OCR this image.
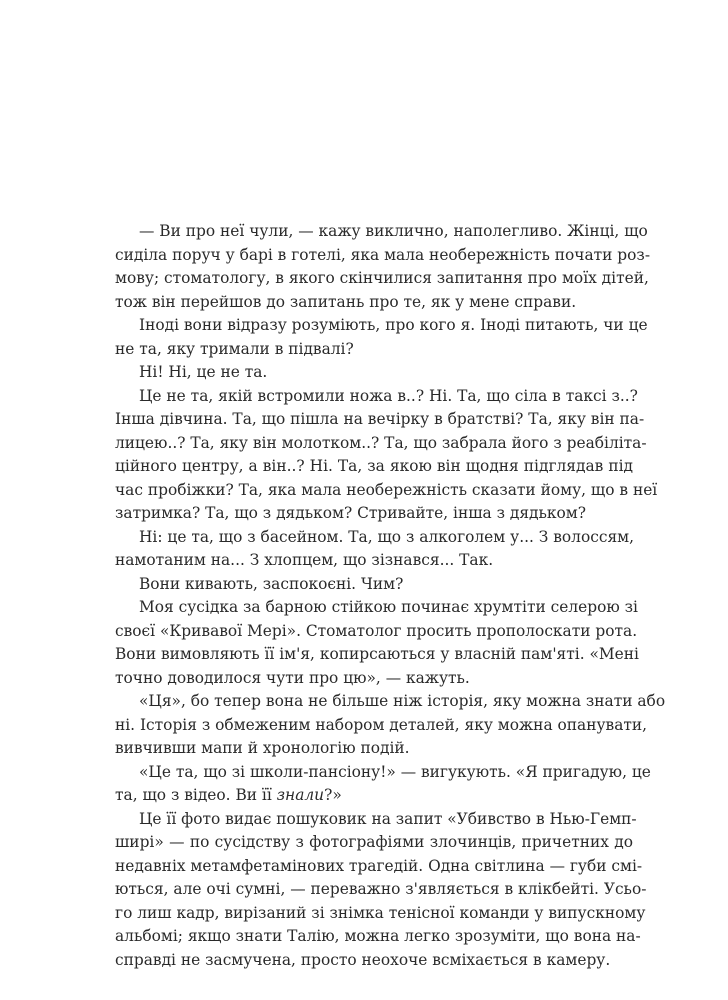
— Ви про неї чули, — кажу виклично, наполегливо. Жінці, що
сиділа поруч у барі в готелі, яка мала необережність почати роз-
мову; стоматологу, в якого скінчилися запитання про моїх дітей,
тож він перейшов до запитань про те, як у мене справи.
Іноді вони відразу розуміють, про кого я. Іноді питають, чи це
не та, яку тримали в підвалі?
Ні! Ні, це не та.
Це не та, якій встромили ножа в..? Ні. Та, що сіла в таксі з..?
Інша дівчина. Та, що пішла на вечірку в братстві? Та, яку він па-
лицею..? Та, яку він молотком..? Та, що забрала його з реабіліта-
ційного центру, а він..? Ні. Та, за якою він щодня підглядав під
час пробіжки? Та, яка мала необережність сказати йому, що в неї
затримка? Та, що з дядьком? Стривайте, інша з дядьком?
Ні: це та, що з басейном. Та, що з алкоголем у... З волоссям,
намотаним на... З хлопцем, що зізнався... Так.
Вони кивають, заспокоєні. Чим?
Моя сусідка за барною стійкою починає хрумтіти селерою зі
своєї «Кривавої Мері». Стоматолог просить прополоскати рота.
Вони вимовляють її ім'я, копирсаються у власній пам'яті. «Мені
точно доводилося чути про цю», — кажуть.
«Ця», бо тепер вона не більше ніж історія, яку можна знати або
ні. Історія з обмеженим набором деталей, яку можна опанувати,
вивчивши мапи й хронологію подій.
«Це та, що зі школи-пансіону!» — вигукують. «Я пригадую, це
та, що з відео. Ви її знали?»
Це її фото видає пошуковик на запит «Убивство в Нью-Гемп-
ширі» — по сусідству з фотографіями злочинців, причетних до
недавніх метамфетамінових трагедій. Одна світлина — губи смі-
ються, але очі сумні, — переважно з'являється в клікбейті. Усьо-
го лиш кадр, вирізаний зі знімка тенісної команди у випускному
альбомі; якщо знати Талію, можна легко зрозуміти, що вона на-
справді не засмучена, просто неохоче всміхається в камеру.
